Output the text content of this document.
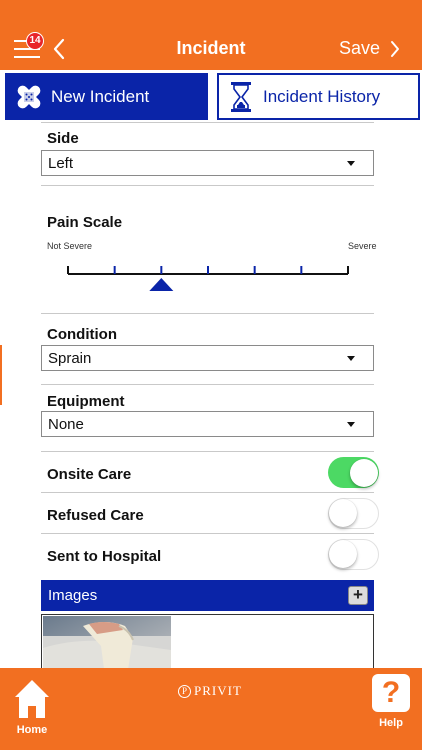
14	Incident	Save
New Incident	Incident History
Side
Left
Pain Scale
Not Severe	Severe
Condition
Sprain
Equipment
None
Onsite Care
Refused Care
Sent to Hospital
Images	+
Home
P PRIVIT	?
Help
